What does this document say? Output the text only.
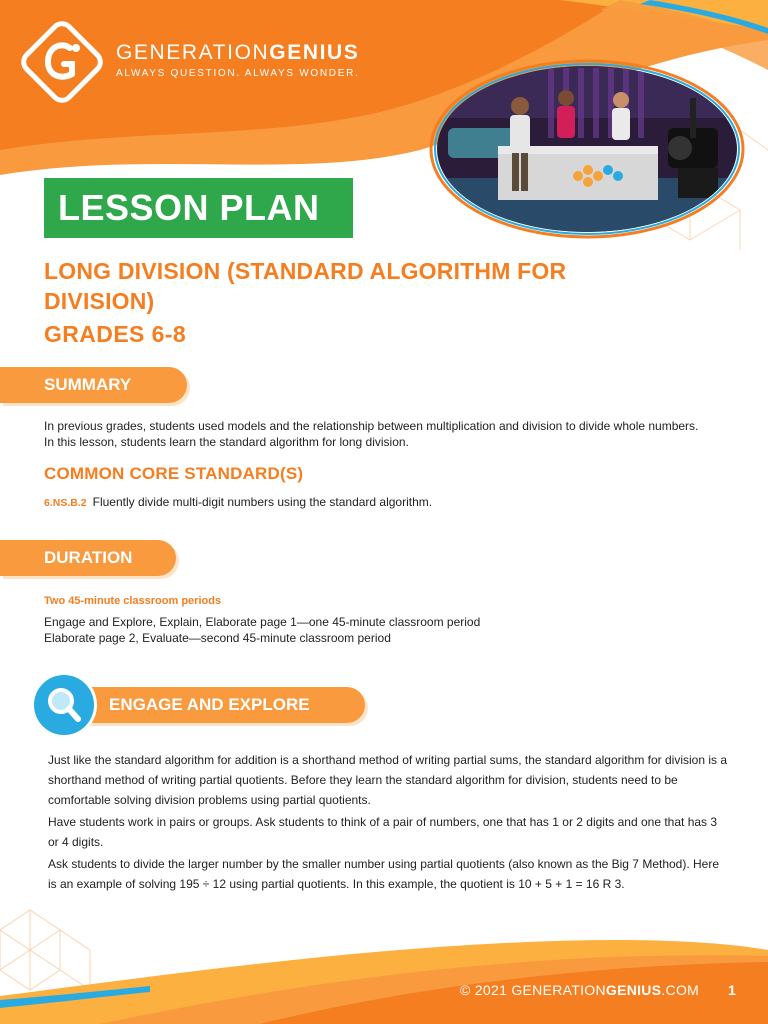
GENERATIONGENIUS
ALWAYS QUESTION. ALWAYS WONDER.
LESSON PLAN
LONG DIVISION (STANDARD ALGORITHM FOR DIVISION)
GRADES 6-8
SUMMARY
In previous grades, students used models and the relationship between multiplication and division to divide whole numbers. In this lesson, students learn the standard algorithm for long division.
COMMON CORE STANDARD(S)
6.NS.B.2 Fluently divide multi-digit numbers using the standard algorithm.
DURATION
Two 45-minute classroom periods
Engage and Explore, Explain, Elaborate page 1—one 45-minute classroom period
Elaborate page 2, Evaluate—second 45-minute classroom period
ENGAGE AND EXPLORE
Just like the standard algorithm for addition is a shorthand method of writing partial sums, the standard algorithm for division is a shorthand method of writing partial quotients. Before they learn the standard algorithm for division, students need to be comfortable solving division problems using partial quotients.
Have students work in pairs or groups. Ask students to think of a pair of numbers, one that has 1 or 2 digits and one that has 3 or 4 digits.
Ask students to divide the larger number by the smaller number using partial quotients (also known as the Big 7 Method). Here is an example of solving 195 ÷ 12 using partial quotients. In this example, the quotient is 10 + 5 + 1 = 16 R 3.
© 2021 GENERATIONGENIUS.COM 1
